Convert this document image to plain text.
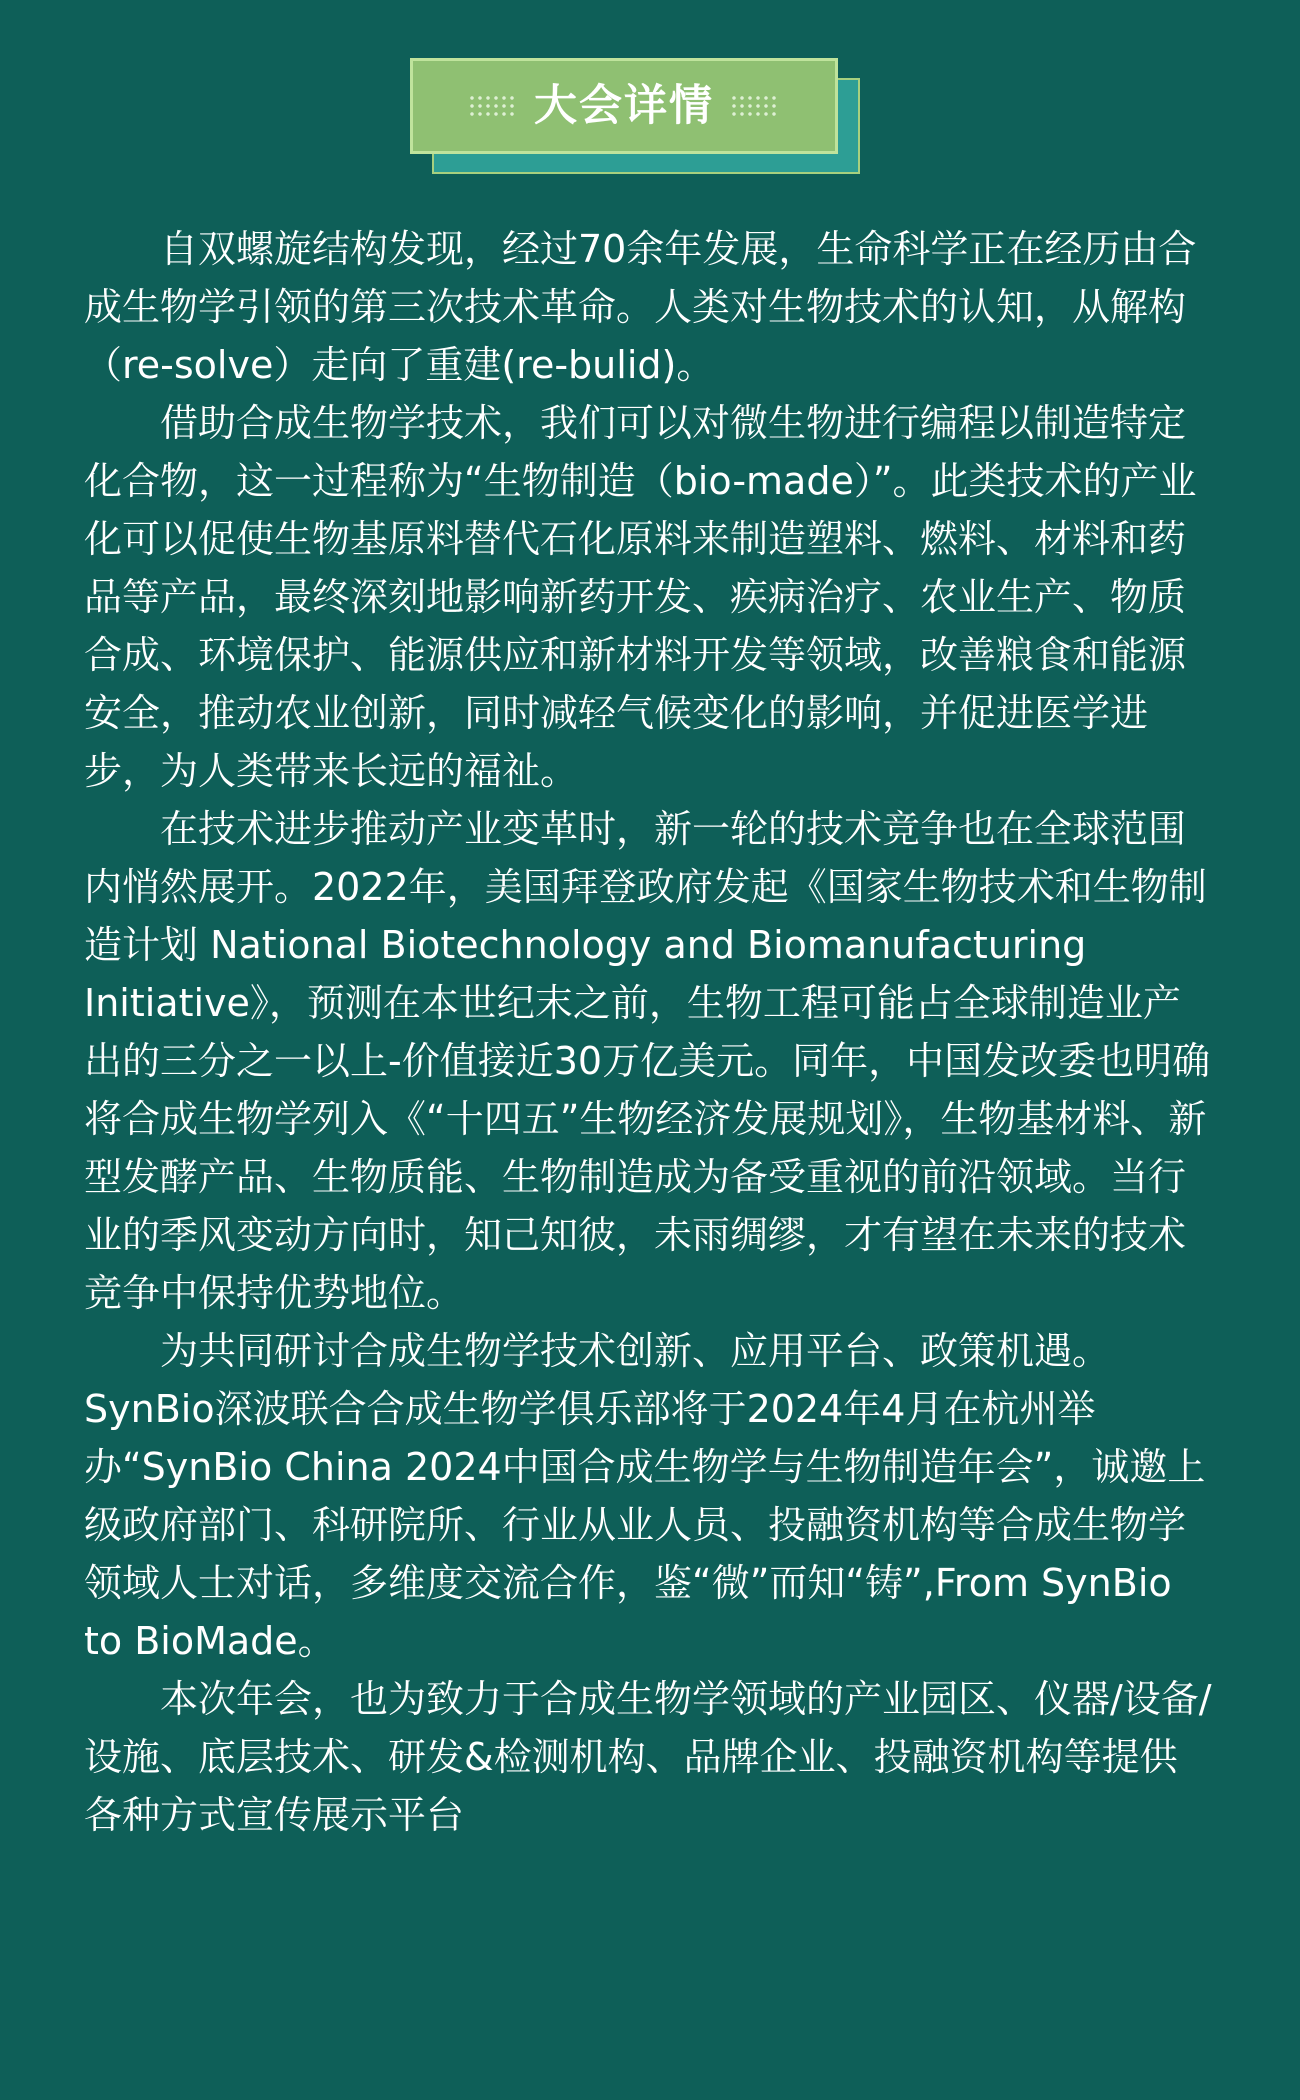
大会详情

自双螺旋结构发现，经过70余年发展，生命科学正在经历由合成生物学引领的第三次技术革命。人类对生物技术的认知，从解构（re-solve）走向了重建(re-bulid)。

借助合成生物学技术，我们可以对微生物进行编程以制造特定化合物，这一过程称为“生物制造（bio-made）”。此类技术的产业化可以促使生物基原料替代石化原料来制造塑料、燃料、材料和药品等产品，最终深刻地影响新药开发、疾病治疗、农业生产、物质合成、环境保护、能源供应和新材料开发等领域，改善粮食和能源安全，推动农业创新，同时减轻气候变化的影响，并促进医学进步，为人类带来长远的福祉。

在技术进步推动产业变革时，新一轮的技术竞争也在全球范围内悄然展开。2022年，美国拜登政府发起《国家生物技术和生物制造计划 National Biotechnology and Biomanufacturing Initiative》，预测在本世纪末之前，生物工程可能占全球制造业产出的三分之一以上-价值接近30万亿美元。同年，中国发改委也明确将合成生物学列入《“十四五”生物经济发展规划》，生物基材料、新型发酵产品、生物质能、生物制造成为备受重视的前沿领域。当行业的季风变动方向时，知己知彼，未雨绸缪，才有望在未来的技术竞争中保持优势地位。

为共同研讨合成生物学技术创新、应用平台、政策机遇。SynBio深波联合合成生物学俱乐部将于2024年4月在杭州举办“SynBio China 2024中国合成生物学与生物制造年会”，诚邀上级政府部门、科研院所、行业从业人员、投融资机构等合成生物学领域人士对话，多维度交流合作，鉴“微”而知“铸”,From SynBio to BioMade。

本次年会，也为致力于合成生物学领域的产业园区、仪器/设备/设施、底层技术、研发&检测机构、品牌企业、投融资机构等提供各种方式宣传展示平台
